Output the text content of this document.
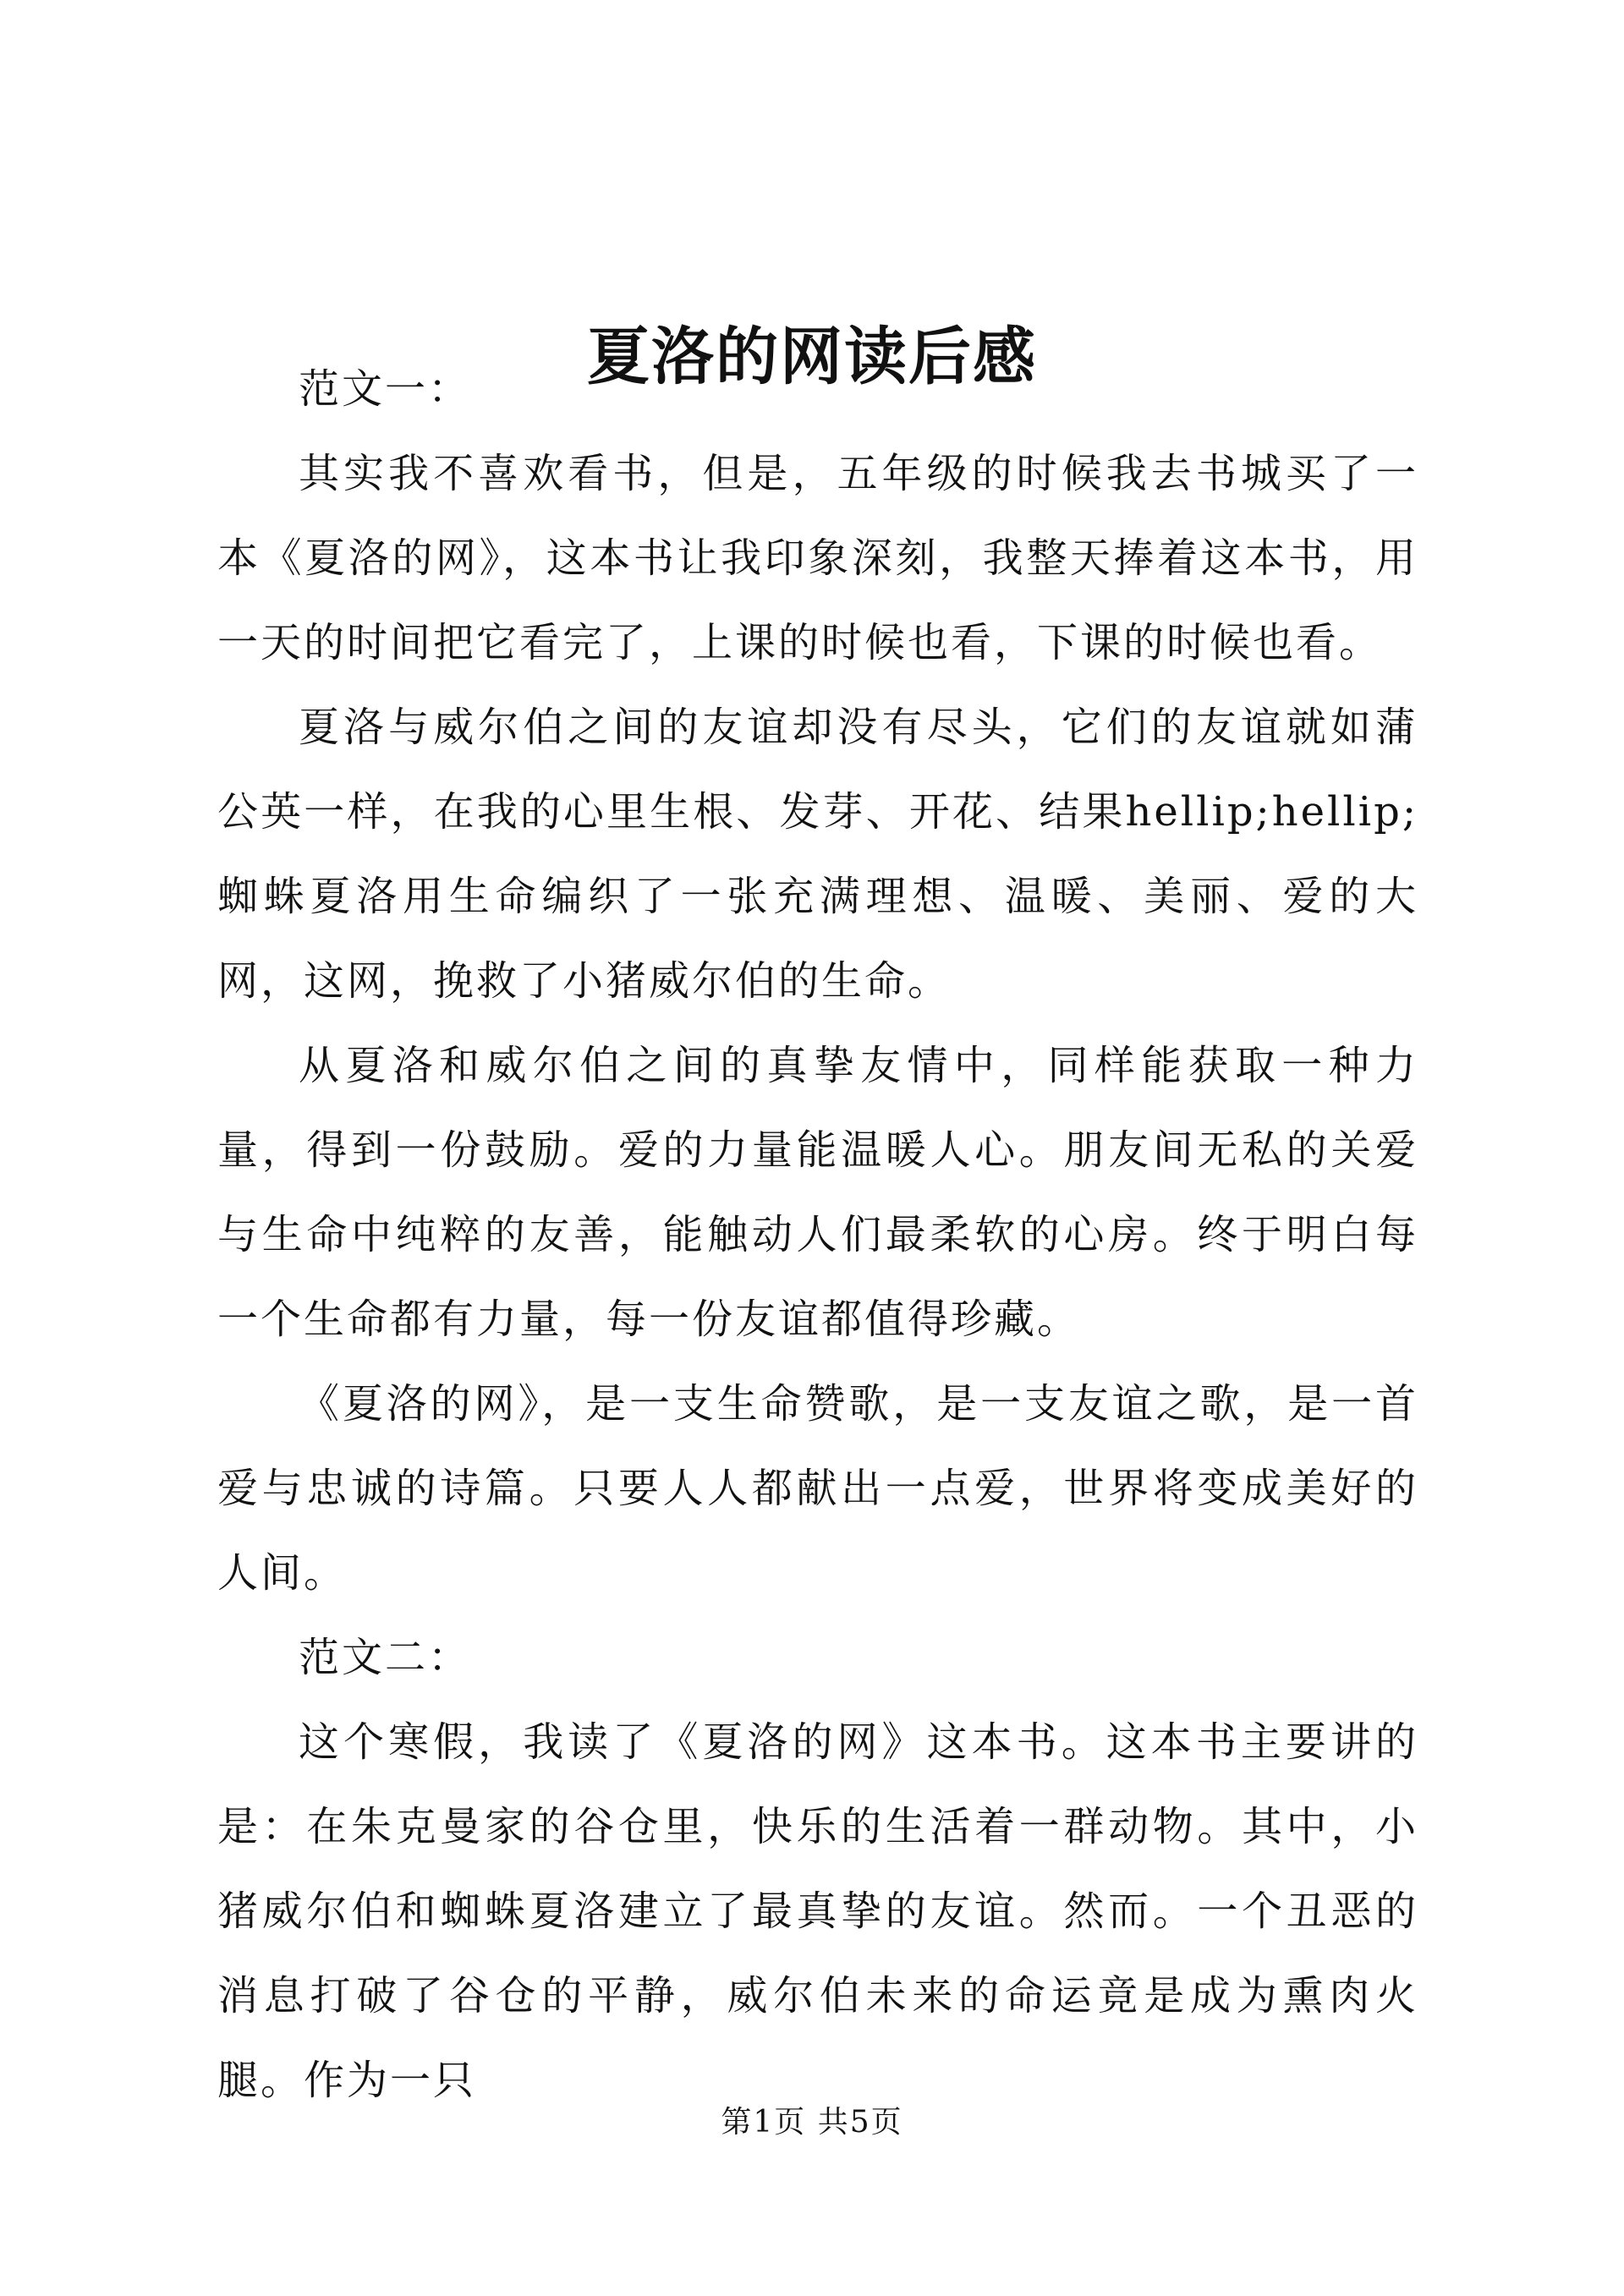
夏洛的网读后感

范文一：

其实我不喜欢看书，但是，五年级的时候我去书城买了一本《夏洛的网》，这本书让我印象深刻，我整天捧着这本书，用一天的时间把它看完了，上课的时候也看，下课的时候也看。

夏洛与威尔伯之间的友谊却没有尽头，它们的友谊就如蒲公英一样，在我的心里生根、发芽、开花、结果hellip;hellip;蜘蛛夏洛用生命编织了一张充满理想、温暖、美丽、爱的大网，这网，挽救了小猪威尔伯的生命。

从夏洛和威尔伯之间的真挚友情中，同样能获取一种力量，得到一份鼓励。爱的力量能温暖人心。朋友间无私的关爱与生命中纯粹的友善，能触动人们最柔软的心房。终于明白每一个生命都有力量，每一份友谊都值得珍藏。

《夏洛的网》，是一支生命赞歌，是一支友谊之歌，是一首爱与忠诚的诗篇。只要人人都献出一点爱，世界将变成美好的人间。

范文二：

这个寒假，我读了《夏洛的网》这本书。这本书主要讲的是：在朱克曼家的谷仓里，快乐的生活着一群动物。其中，小猪威尔伯和蜘蛛夏洛建立了最真挚的友谊。然而。一个丑恶的消息打破了谷仓的平静，威尔伯未来的命运竟是成为熏肉火腿。作为一只

第1页 共5页
